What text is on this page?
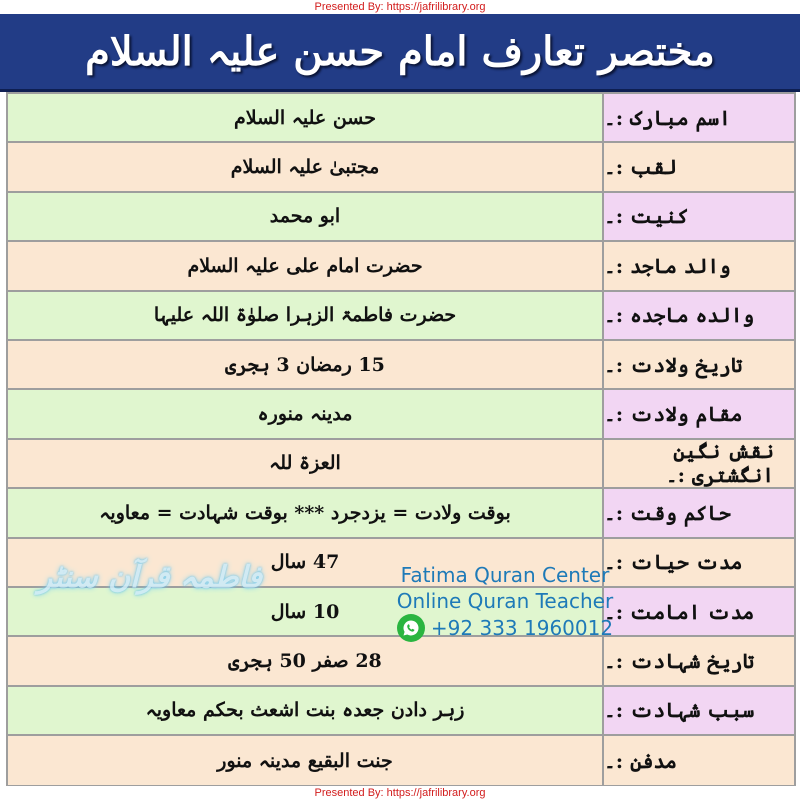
Presented By: https://jafrilibrary.org
مختصر تعارف امام حسن علیہ السلام
حسن علیہ السلام	اسم مبارک :۔
مجتبیٰ علیہ السلام	لقب :۔
ابو محمد	کنیت :۔
حضرت امام علی علیہ السلام	والد ماجد :۔
حضرت فاطمۃ الزہرا صلوٰۃ اللہ علیہا	والدہ ماجدہ :۔
15 رمضان 3 ہجری	تاریخ ولادت :۔
مدینہ منورہ	مقام ولادت :۔
العزۃ للہ	نقش نگین انگشتری :۔
بوقت ولادت = یزدجرد *** بوقت شہادت = معاویہ	حاکم وقت :۔
47 سال	مدت حیات :۔
10 سال	مدت امامت :۔
28 صفر 50 ہجری	تاریخ شہادت :۔
زہر دادن جعدہ بنت اشعث بحکم معاویہ	سبب شہادت :۔
جنت البقیع مدینہ منور	مدفن :۔
فاطمہ قرآن سنٹر	Fatima Quran Center
Online Quran Teacher
+92 333 1960012
Presented By: https://jafrilibrary.org
